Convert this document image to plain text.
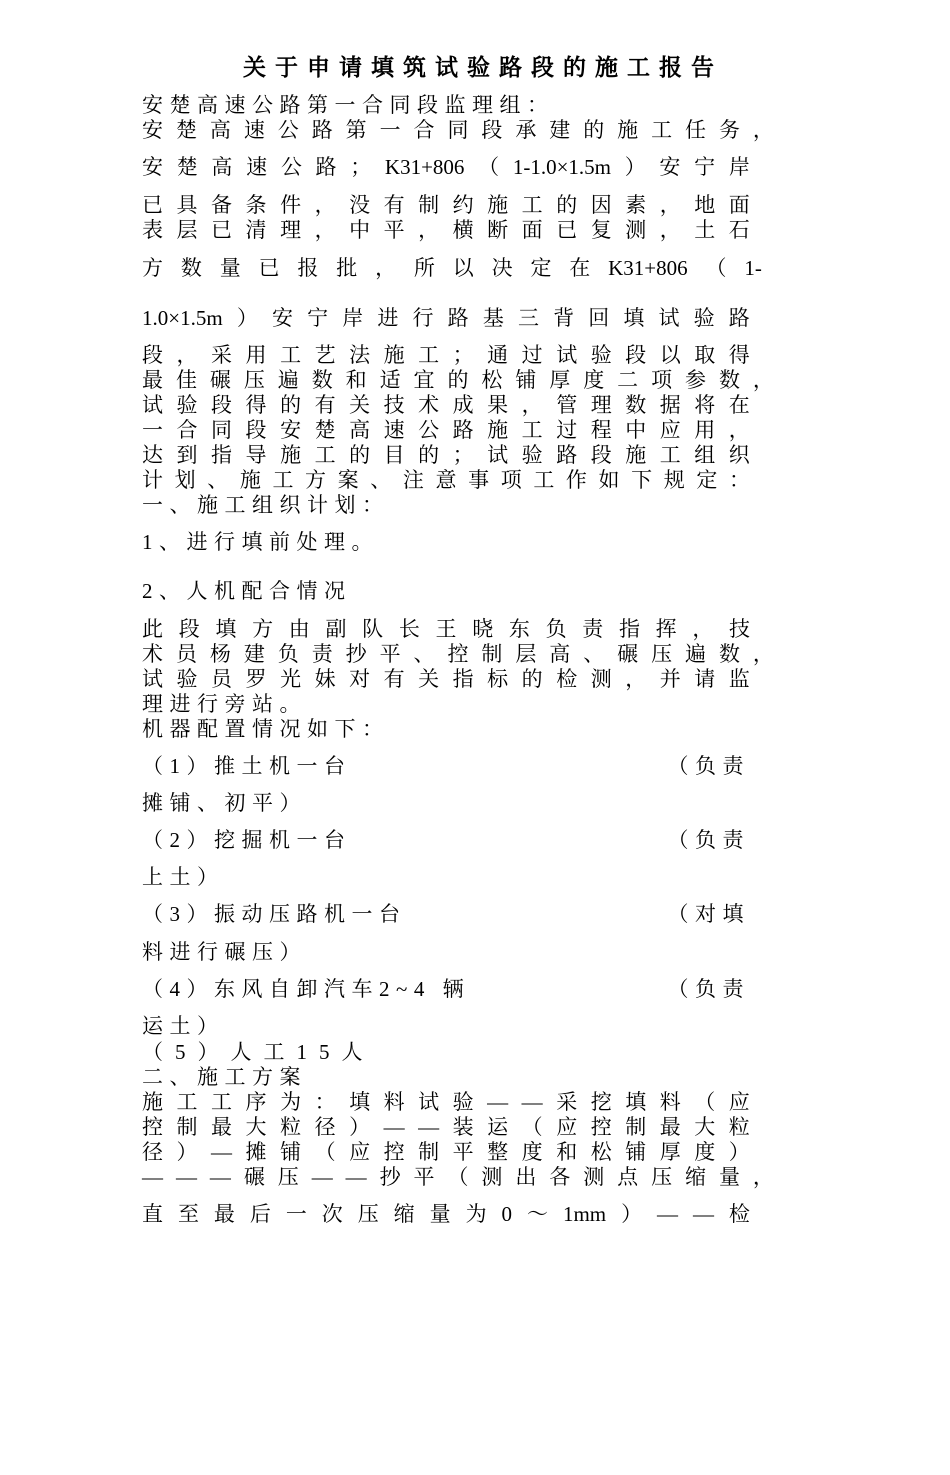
关于申请填筑试验路段的施工报告
安楚高速公路第一合同段监理组：
安 楚 高 速 公 路 第 一 合 同 段 承 建 的 施 工 任 务 ，
安 楚 高 速 公 路 ； K31+806 （ 1-1.0×1.5m ） 安 宁 岸
已 具 备 条 件 ， 没 有 制 约 施 工 的 因 素 ， 地 面
表 层 已 清 理 ， 中 平 ， 横 断 面 已 复 测 ， 土 石
方 数 量 已 报 批 ， 所 以 决 定 在 K31+806 （ 1-
1.0×1.5m ） 安 宁 岸 进 行 路 基 三 背 回 填 试 验 路
段 ， 采 用 工 艺 法 施 工 ； 通 过 试 验 段 以 取 得
最 佳 碾 压 遍 数 和 适 宜 的 松 铺 厚 度 二 项 参 数 ，
试 验 段 得 的 有 关 技 术 成 果 ， 管 理 数 据 将 在
一 合 同 段 安 楚 高 速 公 路 施 工 过 程 中 应 用 ，
达 到 指 导 施 工 的 目 的 ； 试 验 路 段 施 工 组 织
计 划 、 施 工 方 案 、 注 意 事 项 工 作 如 下 规 定 ：
一、施工组织计划：
1、进行填前处理。
2、人机配合情况
此 段 填 方 由 副 队 长 王 晓 东 负 责 指 挥 ， 技
术 员 杨 建 负 责 抄 平 、 控 制 层 高 、 碾 压 遍 数 ，
试 验 员 罗 光 妹 对 有 关 指 标 的 检 测 ， 并 请 监
理进行旁站。
机器配置情况如下：
（1）推土机一台	（负责
摊铺、初平）
（2）挖掘机一台	（负责
上土）
（3）振动压路机一台	（对填
料进行碾压）
（4）东风自卸汽车2~4 辆	（负责
运土）
（5）人工15人
二、施工方案
施 工 工 序 为 ： 填 料 试 验 — — 采 挖 填 料 （ 应
控 制 最 大 粒 径 ） — — 装 运 （ 应 控 制 最 大 粒
径 ） — 摊 铺 （ 应 控 制 平 整 度 和 松 铺 厚 度 ）
— — — 碾 压 — — 抄 平 （ 测 出 各 测 点 压 缩 量 ，
直 至 最 后 一 次 压 缩 量 为 0 ～ 1mm ） — — 检
